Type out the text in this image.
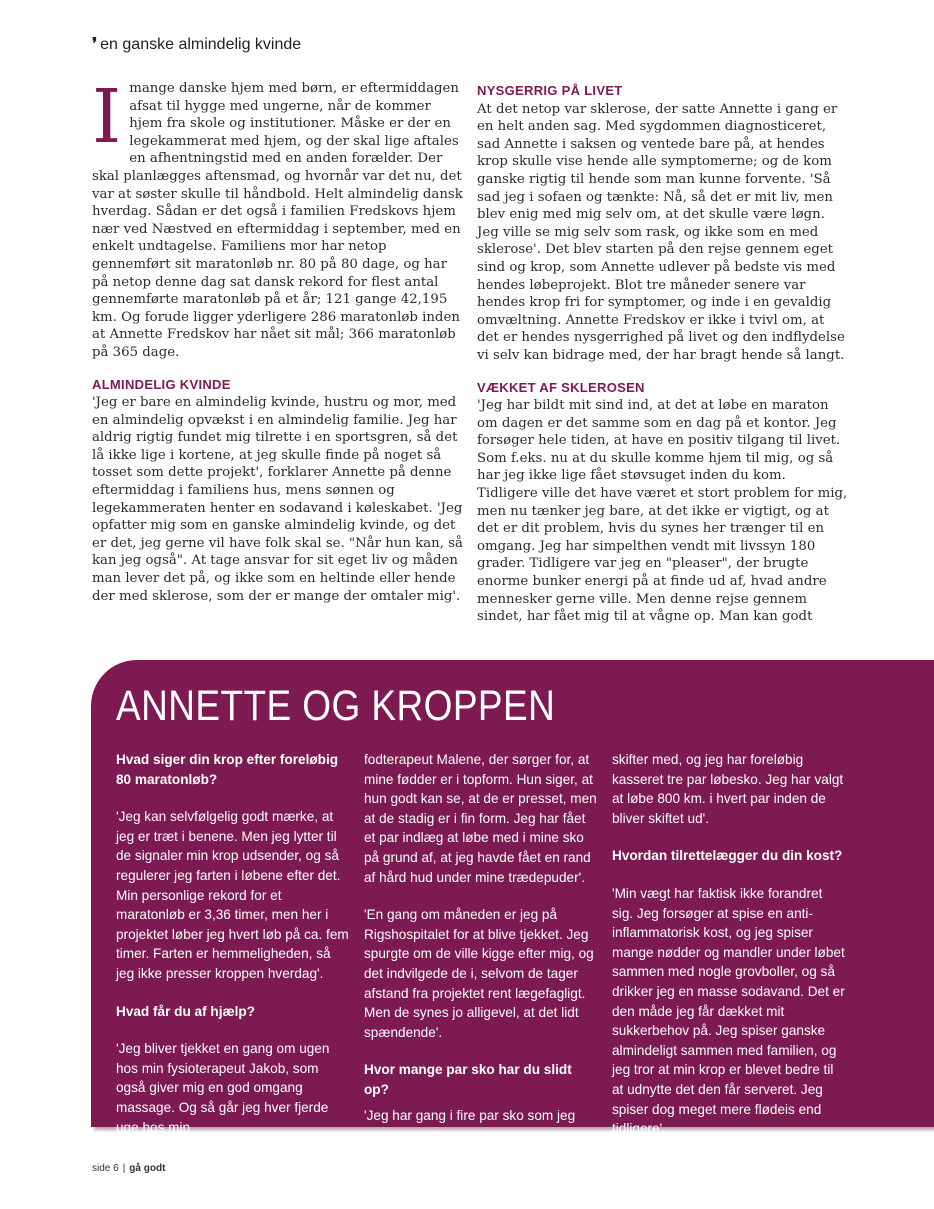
❜ en ganske almindelig kvinde

Imange danske hjem med børn, er eftermiddagen afsat til hygge med ungerne, når de kommer hjem fra skole og institutioner. Måske er der en legekammerat med hjem, og der skal lige aftales en afhentningstid med en anden forælder. Der skal planlægges aftensmad, og hvornår var det nu, det var at søster skulle til håndbold. Helt almindelig dansk hverdag. Sådan er det også i familien Fredskovs hjem nær ved Næstved en eftermiddag i september, med en enkelt undtagelse. Familiens mor har netop gennemført sit maratonløb nr. 80 på 80 dage, og har på netop denne dag sat dansk rekord for flest antal gennemførte maratonløb på et år; 121 gange 42,195 km. Og forude ligger yderligere 286 maratonløb inden at Annette Fredskov har nået sit mål; 366 maratonløb på 365 dage.

ALMINDELIG KVINDE

'Jeg er bare en almindelig kvinde, hustru og mor, med en almindelig opvækst i en almindelig familie. Jeg har aldrig rigtig fundet mig tilrette i en sportsgren, så det lå ikke lige i kortene, at jeg skulle finde på noget så tosset som dette projekt', forklarer Annette på denne eftermiddag i familiens hus, mens sønnen og legekammeraten henter en sodavand i køleskabet. 'Jeg opfatter mig som en ganske almindelig kvinde, og det er det, jeg gerne vil have folk skal se. "Når hun kan, så kan jeg også". At tage ansvar for sit eget liv og måden man lever det på, og ikke som en heltinde eller hende der med sklerose, som der er mange der omtaler mig'.

NYSGERRIG PÅ LIVET

At det netop var sklerose, der satte Annette i gang er en helt anden sag. Med sygdommen diagnosticeret, sad Annette i saksen og ventede bare på, at hendes krop skulle vise hende alle symptomerne; og de kom ganske rigtig til hende som man kunne forvente. 'Så sad jeg i sofaen og tænkte: Nå, så det er mit liv, men blev enig med mig selv om, at det skulle være løgn. Jeg ville se mig selv som rask, og ikke som en med sklerose'. Det blev starten på den rejse gennem eget sind og krop, som Annette udlever på bedste vis med hendes løbeprojekt. Blot tre måneder senere var hendes krop fri for symptomer, og inde i en gevaldig omvæltning. Annette Fredskov er ikke i tvivl om, at det er hendes nysgerrighed på livet og den indflydelse vi selv kan bidrage med, der har bragt hende så langt.

VÆKKET AF SKLEROSEN

'Jeg har bildt mit sind ind, at det at løbe en maraton om dagen er det samme som en dag på et kontor. Jeg forsøger hele tiden, at have en positiv tilgang til livet. Som f.eks. nu at du skulle komme hjem til mig, og så har jeg ikke lige fået støvsuget inden du kom. Tidligere ville det have været et stort problem for mig, men nu tænker jeg bare, at det ikke er vigtigt, og at det er dit problem, hvis du synes her trænger til en omgang. Jeg har simpelthen vendt mit livssyn 180 grader. Tidligere var jeg en "pleaser", der brugte enorme bunker energi på at finde ud af, hvad andre mennesker gerne ville. Men denne rejse gennem sindet, har fået mig til at vågne op. Man kan godt

ANNETTE OG KROPPEN

Hvad siger din krop efter foreløbig 80 maratonløb?

'Jeg kan selvfølgelig godt mærke, at jeg er træt i benene. Men jeg lytter til de signaler min krop udsender, og så regulerer jeg farten i løbene efter det. Min personlige rekord for et maratonløb er 3,36 timer, men her i projektet løber jeg hvert løb på ca. fem timer. Farten er hemmeligheden, så jeg ikke presser kroppen hverdag'.

Hvad får du af hjælp?

'Jeg bliver tjekket en gang om ugen hos min fysioterapeut Jakob, som også giver mig en god omgang massage. Og så går jeg hver fjerde uge hos min

fodterapeut Malene, der sørger for, at mine fødder er i topform. Hun siger, at hun godt kan se, at de er presset, men at de stadig er i fin form. Jeg har fået et par indlæg at løbe med i mine sko på grund af, at jeg havde fået en rand af hård hud under mine trædepuder'.

'En gang om måneden er jeg på Rigshospitalet for at blive tjekket. Jeg spurgte om de ville kigge efter mig, og det indvilgede de i, selvom de tager afstand fra projektet rent lægefagligt. Men de synes jo alligevel, at det lidt spændende'.

Hvor mange par sko har du slidt op?

'Jeg har gang i fire par sko som jeg

skifter med, og jeg har foreløbig kasseret tre par løbesko. Jeg har valgt at løbe 800 km. i hvert par inden de bliver skiftet ud'.

Hvordan tilrettelægger du din kost?

'Min vægt har faktisk ikke forandret sig. Jeg forsøger at spise en anti-inflammatorisk kost, og jeg spiser mange nødder og mandler under løbet sammen med nogle grovboller, og så drikker jeg en masse sodavand. Det er den måde jeg får dækket mit sukkerbehov på. Jeg spiser ganske almindeligt sammen med familien, og jeg tror at min krop er blevet bedre til at udnytte det den får serveret. Jeg spiser dog meget mere flødeis end tidligere'.

side 6 | gå godt
